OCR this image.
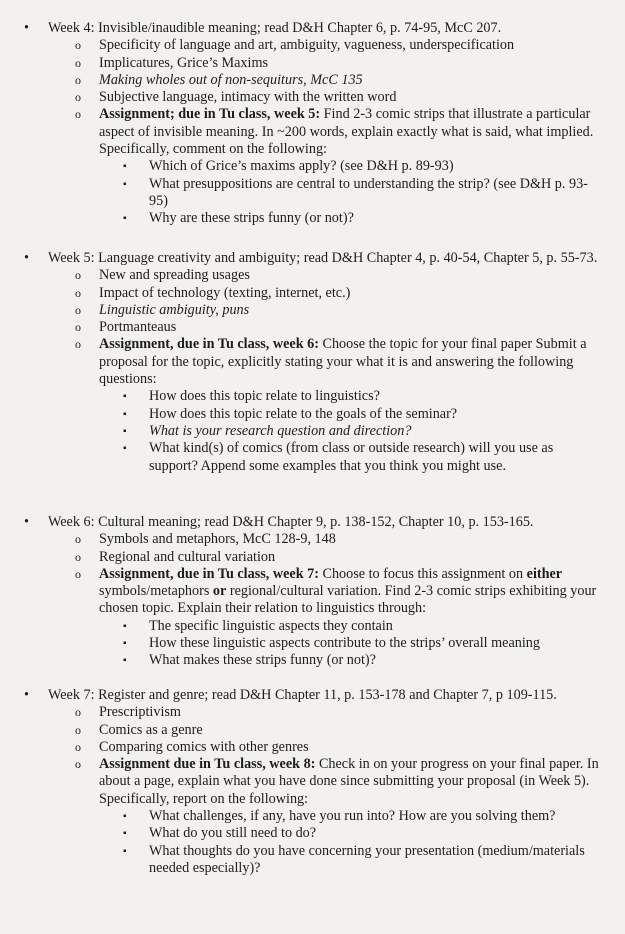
•	Week 4: Invisible/inaudible meaning; read D&H Chapter 6, p. 74-95, McC 207.
o Specificity of language and art, ambiguity, vagueness, underspecification
o Implicatures, Grice’s Maxims
o Making wholes out of non-sequiturs, McC 135
o Subjective language, intimacy with the written word
o Assignment; due in Tu class, week 5: Find 2-3 comic strips that illustrate a particular aspect of invisible meaning. In ~200 words, explain exactly what is said, what implied. Specifically, comment on the following:
▪ Which of Grice’s maxims apply? (see D&H p. 89-93)
▪ What presuppositions are central to understanding the strip? (see D&H p. 93-95)
▪ Why are these strips funny (or not)?
•	Week 5: Language creativity and ambiguity; read D&H Chapter 4, p. 40-54, Chapter 5, p. 55-73.
o New and spreading usages
o Impact of technology (texting, internet, etc.)
o Linguistic ambiguity, puns
o Portmanteaus
o Assignment, due in Tu class, week 6: Choose the topic for your final paper Submit a proposal for the topic, explicitly stating your what it is and answering the following questions:
▪ How does this topic relate to linguistics?
▪ How does this topic relate to the goals of the seminar?
▪ What is your research question and direction?
▪ What kind(s) of comics (from class or outside research) will you use as support? Append some examples that you think you might use.
•	Week 6: Cultural meaning; read D&H Chapter 9, p. 138-152, Chapter 10, p. 153-165.
o Symbols and metaphors, McC 128-9, 148
o Regional and cultural variation
o Assignment, due in Tu class, week 7: Choose to focus this assignment on either symbols/metaphors or regional/cultural variation. Find 2-3 comic strips exhibiting your chosen topic. Explain their relation to linguistics through:
▪ The specific linguistic aspects they contain
▪ How these linguistic aspects contribute to the strips’ overall meaning
▪ What makes these strips funny (or not)?
•	Week 7: Register and genre; read D&H Chapter 11, p. 153-178 and Chapter 7, p 109-115.
o Prescriptivism
o Comics as a genre
o Comparing comics with other genres
o Assignment due in Tu class, week 8: Check in on your progress on your final paper. In about a page, explain what you have done since submitting your proposal (in Week 5). Specifically, report on the following:
▪ What challenges, if any, have you run into? How are you solving them?
▪ What do you still need to do?
▪ What thoughts do you have concerning your presentation (medium/materials needed especially)?
